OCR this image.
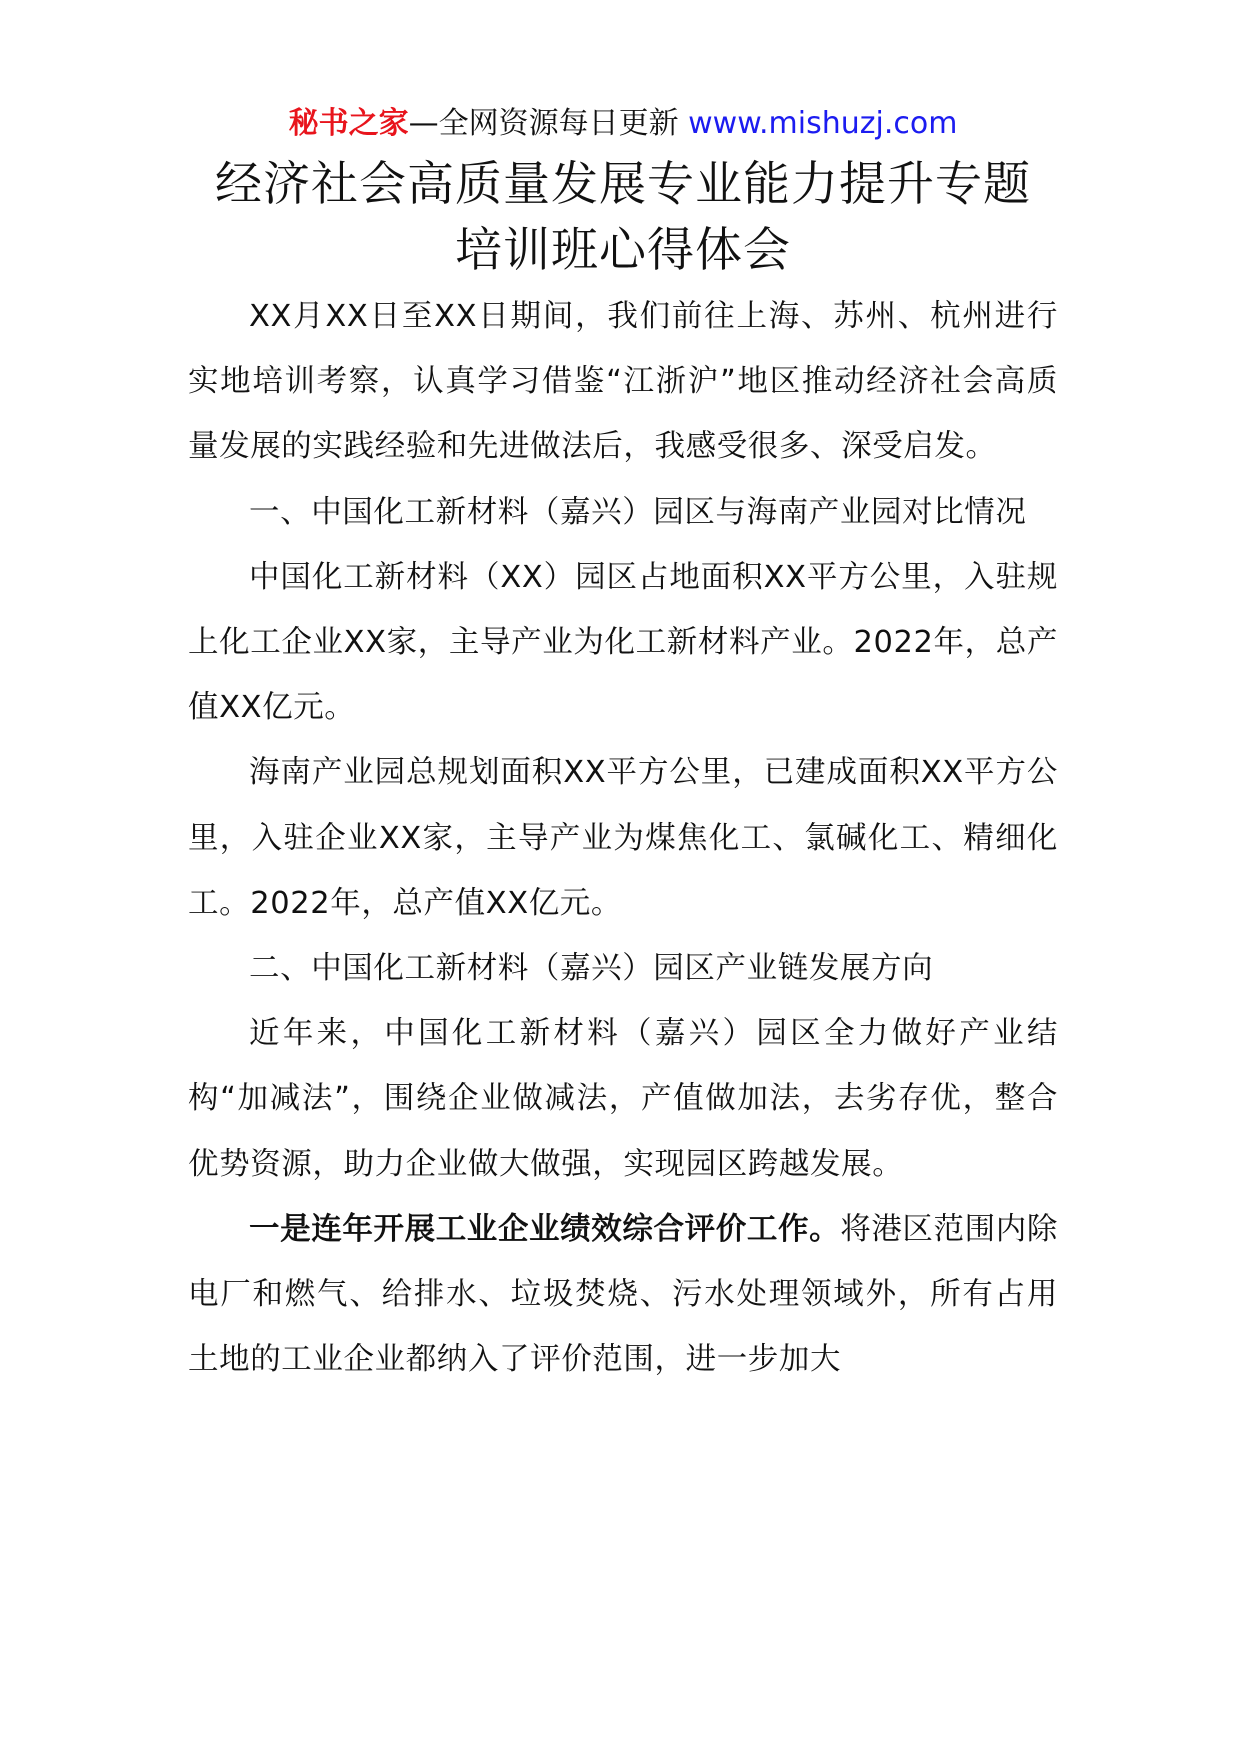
秘书之家—全网资源每日更新 www.mishuzj.com
经济社会高质量发展专业能力提升专题
培训班心得体会

XX月XX日至XX日期间，我们前往上海、苏州、杭州进行实地培训考察，认真学习借鉴“江浙沪”地区推动经济社会高质量发展的实践经验和先进做法后，我感受很多、深受启发。

一、中国化工新材料（嘉兴）园区与海南产业园对比情况

中国化工新材料（XX）园区占地面积XX平方公里，入驻规上化工企业XX家，主导产业为化工新材料产业。2022年，总产值XX亿元。

海南产业园总规划面积XX平方公里，已建成面积XX平方公里，入驻企业XX家，主导产业为煤焦化工、氯碱化工、精细化工。2022年，总产值XX亿元。

二、中国化工新材料（嘉兴）园区产业链发展方向

近年来，中国化工新材料（嘉兴）园区全力做好产业结构“加减法”，围绕企业做减法，产值做加法，去劣存优，整合优势资源，助力企业做大做强，实现园区跨越发展。

一是连年开展工业企业绩效综合评价工作。将港区范围内除电厂和燃气、给排水、垃圾焚烧、污水处理领域外，所有占用土地的工业企业都纳入了评价范围，进一步加大
